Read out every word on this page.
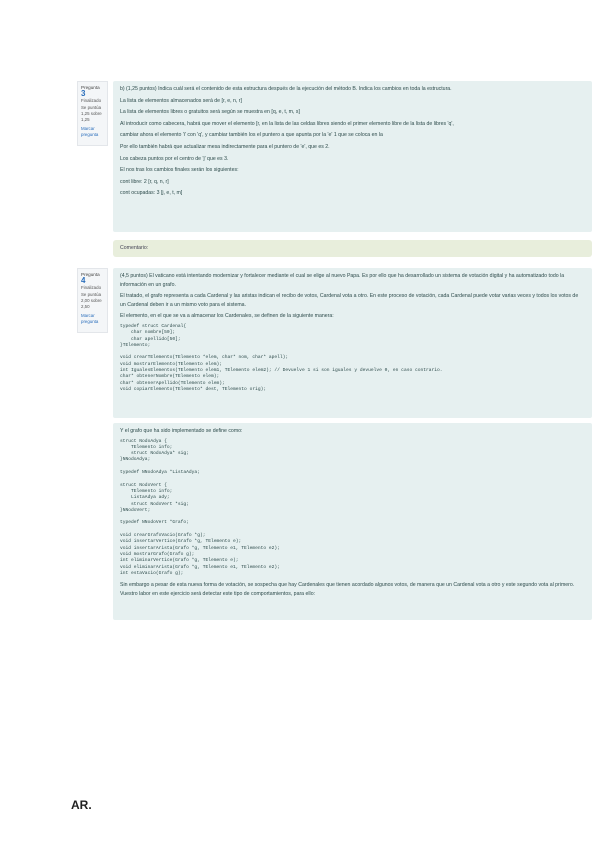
Pregunta 3
Finalizado
Se puntúa 1,25 sobre 1,25
Marcar pregunta

b) (1,25 puntos) Indica cuál será el contenido de esta estructura después de la ejecución del método B. Indica los cambios en toda la estructura.

La lista de elementos almacenados será de [r, e, n, r]

La lista de elementos libres o gratuitos será según se muestra en [q, e, t, m, s]

Al introducir como cabecera, habrá que mover el elemento [r, en la lista de las celdas libres siendo el primer elemento libre de la lista de libres 'q',

cambiar ahora el elemento 'i' con 'q', y cambiar también los el puntero a que apunta por la 'e' 1 que se coloca en la

Por ello también habrá que actualizar mesa indirectamente para el puntero de 'e', que es 2.

Los cabeza puntos por el centro de 'j' que es 3.

El nos tras los cambios finales serán los siguientes:

cont libre: 2 [r, q, n, r]

cont ocupadas: 3 [j, e, t, m]

Comentario:
Pregunta 4
Finalizado
Se puntúa 2,00 sobre 2,50
Marcar pregunta

(4,5 puntos) El vaticano está intentando modernizar y fortalecer mediante el cual se elige al nuevo Papa. Es por ello que ha desarrollado un sistema de votación digital y ha automatizado todo la información en un grafo.

El tratado, el grafo representa a cada Cardenal y las aristas indican el recibo de votos, Cardenal vota a otro. En este proceso de votación, cada Cardenal puede votar varias veces y todos los votos de un Cardenal deben ir a un mismo voto para el sistema.

El elemento, en el que se va a almacenar los Cardenales, se definen de la siguiente manera:

typedef struct Cardenal{
char nombre[50];
char apellido[50];
}TElemento;

void crearTElemento(TElemento *elem, char* nom, char* apell);
void mostrarElemento(TElemento elem);
int IgualesElementos(TElemento elem1, TElemento elem2); // Devuelve 1 si son iguales y devuelve 0, en caso contrario.
char* obtenerNombre(TElemento elem);
char* obtenerApellido(TElemento elem);
void copiarElemento(TElemento* dest, TElemento orig);

Y el grafo que ha sido implementado se define como:

struct NodoAdya {
TElemento info;
struct NodoAdya* sig;
}NNodoAdya;

typedef NNodoAdya *ListaAdya;

struct NodoVert {
TElemento info;
ListaAdya ady;
struct NodoVert *sig;
}NNodoVert;

typedef NNodoVert *Grafo;

void crearGrafoVacio(Grafo *g);
void insertarVertice(Grafo *g, TElemento e);
void insertarArista(Grafo *g, TElemento e1, TElemento e2);
void mostrarGrafo(Grafo g);
int eliminarVertice(Grafo *g, TElemento e);
void eliminarArista(Grafo *g, TElemento e1, TElemento e2);
int estaVacio(Grafo g);

Sin embargo a pesar de esta nueva forma de votación, se sospecha que hay Cardenales que tienen acordado algunos votos, de manera que un Cardenal vota a otro y este segundo vota al primero. Vuestro labor en este ejercicio será detectar este tipo de comportamientos, para ello:

AR.
